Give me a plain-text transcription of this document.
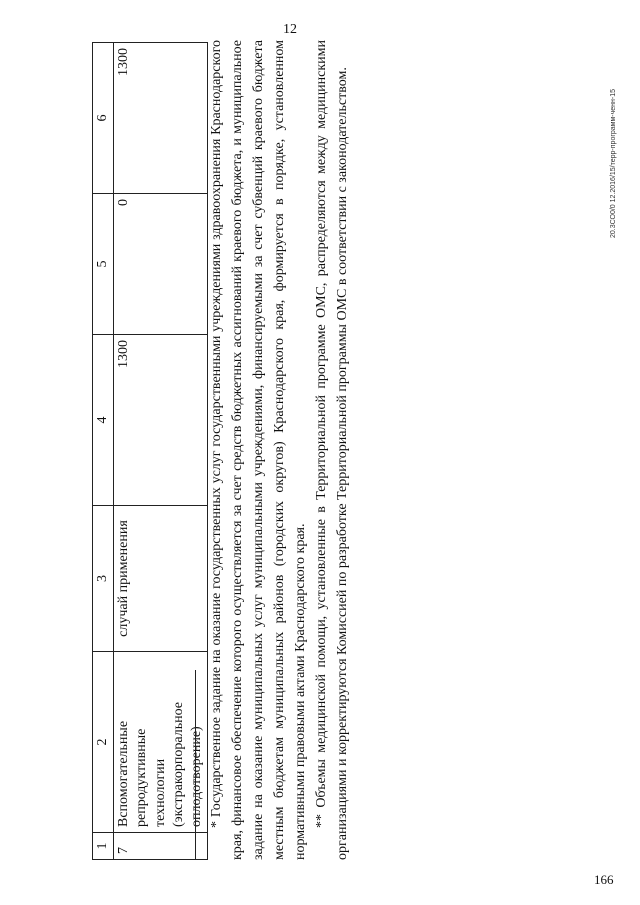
12
166
20.3СО0/0 12.2016/15/терр-программ-ченн-15
1	2	3	4	5	6
7	Вспомогательные репродуктивные технологии (экстракорпоральное оплодотворение)	случай применения	1300	0	1300	* Государственное задание на оказание государственных услуг государственными учреждениями здравоохранения Краснодарского края, финансовое обеспечение которого осуществляется за счет средств бюджетных ассигнований краевого бюджета, и муниципальное задание на оказание муниципальных услуг муниципальными учреждениями, финансируемыми за счет субвенций краевого бюджета местным бюджетам муниципальных районов (городских округов) Краснодарского края, формируется в порядке, установленном нормативными правовыми актами Краснодарского края. ** Объемы медицинской помощи, установленные в Территориальной программе ОМС, распределяются между медицинскими организациями и корректируются Комиссией по разработке Территориальной программы ОМС в соответствии с законодательством.
